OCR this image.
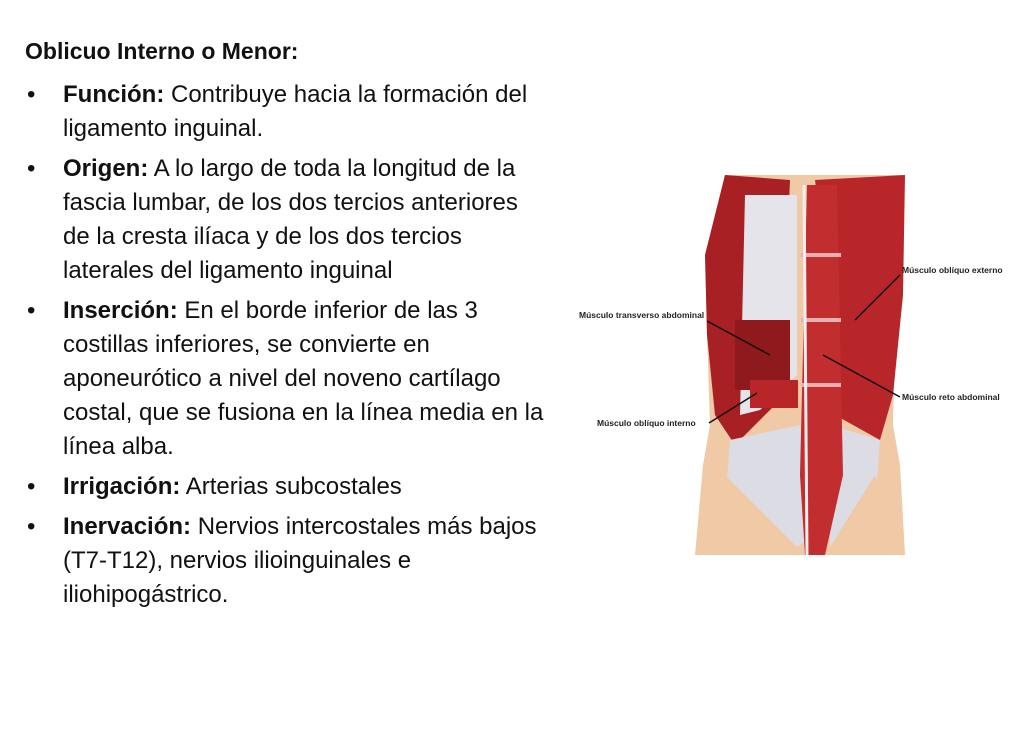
Oblicuo Interno o Menor:
• Función: Contribuye hacia la formación del ligamento inguinal.
• Origen: A lo largo de toda la longitud de la fascia lumbar, de los dos tercios anteriores de la cresta ilíaca y de los dos tercios laterales del ligamento inguinal
• Inserción: En el borde inferior de las 3 costillas inferiores, se convierte en aponeurótico a nivel del noveno cartílago costal, que se fusiona en la línea media en la línea alba.
• Irrigación: Arterias subcostales
• Inervación: Nervios intercostales más bajos (T7-T12), nervios ilioinguinales e iliohipogástrico.
Músculo oblíquo externo
Músculo transverso abdominal
Músculo reto abdominal
Músculo oblíquo interno
